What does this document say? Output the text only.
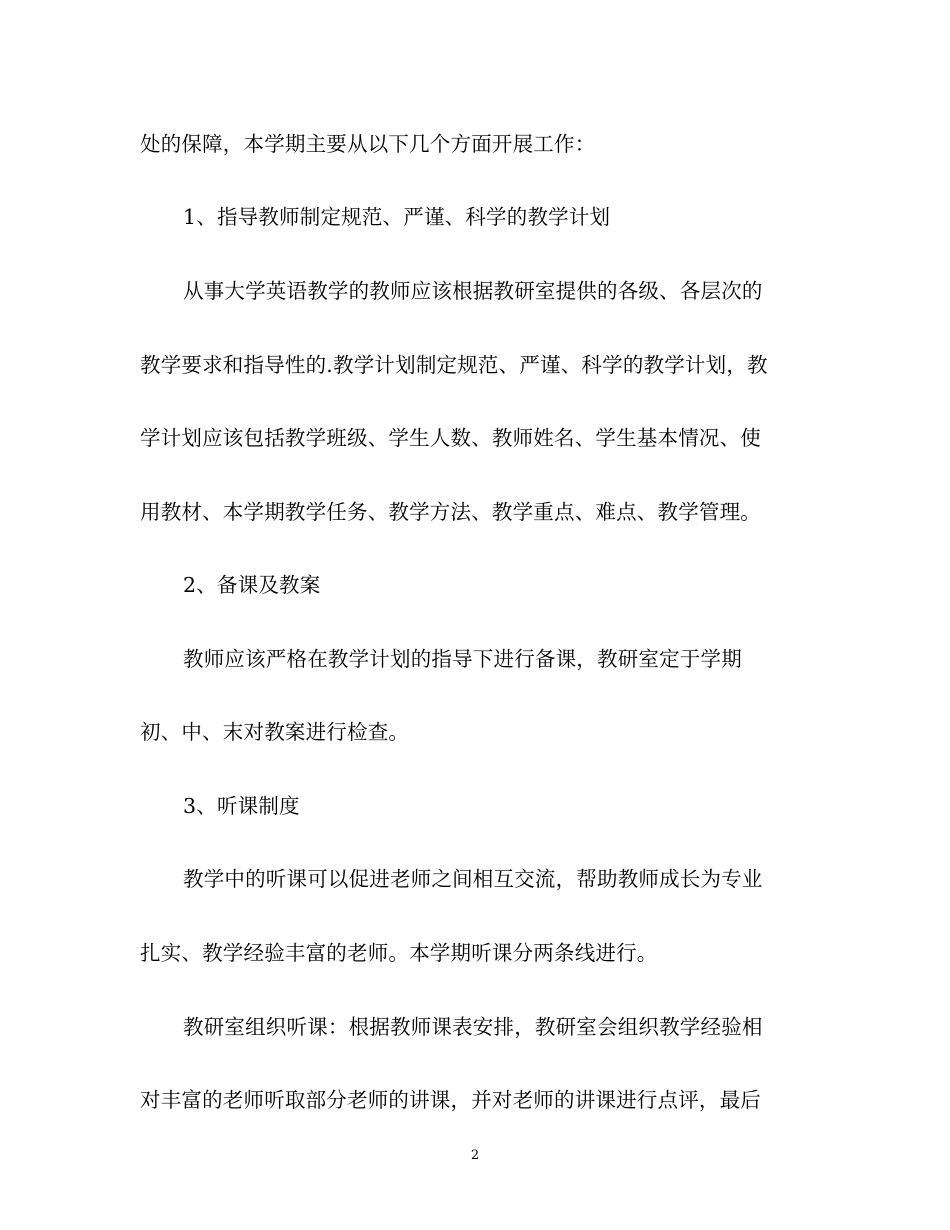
处的保障，本学期主要从以下几个方面开展工作：
1、指导教师制定规范、严谨、科学的教学计划
从事大学英语教学的教师应该根据教研室提供的各级、各层次的
教学要求和指导性的.教学计划制定规范、严谨、科学的教学计划，教
学计划应该包括教学班级、学生人数、教师姓名、学生基本情况、使
用教材、本学期教学任务、教学方法、教学重点、难点、教学管理。
2、备课及教案
教师应该严格在教学计划的指导下进行备课，教研室定于学期
初、中、末对教案进行检查。
3、听课制度
教学中的听课可以促进老师之间相互交流，帮助教师成长为专业
扎实、教学经验丰富的老师。本学期听课分两条线进行。
教研室组织听课：根据教师课表安排，教研室会组织教学经验相
对丰富的老师听取部分老师的讲课，并对老师的讲课进行点评，最后
2
